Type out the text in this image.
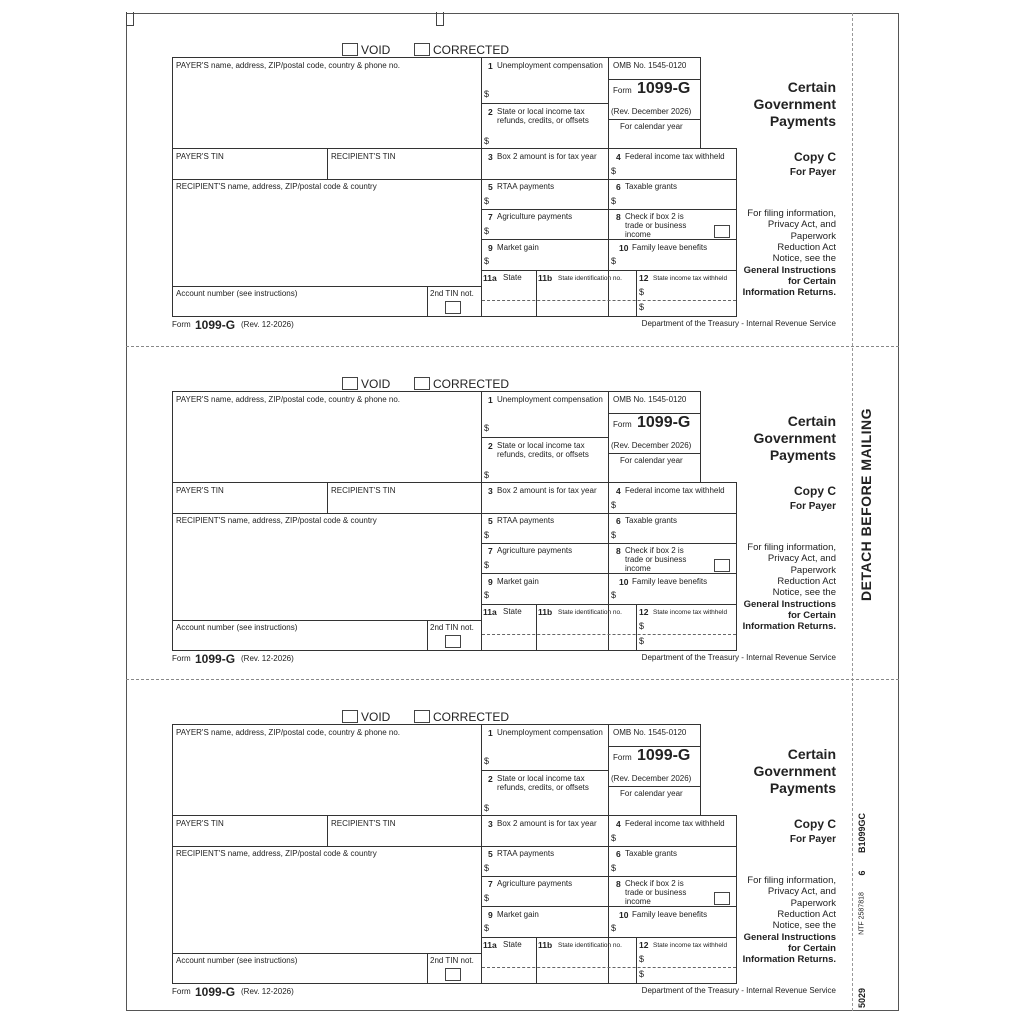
VOID	CORRECTED
PAYER'S name, address, ZIP/postal code, country & phone no.
PAYER'S TIN	RECIPIENT'S TIN
RECIPIENT'S name, address, ZIP/postal code & country
Account number (see instructions)	2nd TIN not.
1 Unemployment compensation
$
2 State or local income tax
refunds, credits, or offsets
$
OMB No. 1545-0120
Form 1099-G
(Rev. December 2026)
For calendar year
Certain
Government
Payments
3 Box 2 amount is for tax year 4 Federal income tax withheld
$
Copy C
For Payer
For filing information,
Privacy Act, and
Paperwork
Reduction Act
Notice, see the
General Instructions
for Certain
Information Returns.
5 RTAA payments
$
6 Taxable grants
$
7 Agriculture payments
$
8 Check if box 2 is
trade or business
income
9 Market gain
$
10 Family leave benefits
$
11a State 11b State identification no. 12 State income tax withheld
$
$
Form 1099-G (Rev. 12-2026)	Department of the Treasury - Internal Revenue Service
VOID	CORRECTED
PAYER'S name, address, ZIP/postal code, country & phone no.
PAYER'S TIN	RECIPIENT'S TIN
RECIPIENT'S name, address, ZIP/postal code & country
Account number (see instructions)	2nd TIN not.
1 Unemployment compensation
$
2 State or local income tax
refunds, credits, or offsets
$
OMB No. 1545-0120
Form 1099-G
(Rev. December 2026)
For calendar year
Certain
Government
Payments
3 Box 2 amount is for tax year 4 Federal income tax withheld
$
Copy C
For Payer
For filing information,
Privacy Act, and
Paperwork
Reduction Act
Notice, see the
General Instructions
for Certain
Information Returns.
5 RTAA payments
$
6 Taxable grants
$
7 Agriculture payments
$
8 Check if box 2 is
trade or business
income
9 Market gain
$
10 Family leave benefits
$
11a State 11b State identification no. 12 State income tax withheld
$
$
Form 1099-G (Rev. 12-2026)	Department of the Treasury - Internal Revenue Service
VOID	CORRECTED
PAYER'S name, address, ZIP/postal code, country & phone no.
PAYER'S TIN	RECIPIENT'S TIN
RECIPIENT'S name, address, ZIP/postal code & country
Account number (see instructions)	2nd TIN not.
1 Unemployment compensation
$
2 State or local income tax
refunds, credits, or offsets
$
OMB No. 1545-0120
Form 1099-G
(Rev. December 2026)
For calendar year
Certain
Government
Payments
3 Box 2 amount is for tax year 4 Federal income tax withheld
$
Copy C
For Payer
For filing information,
Privacy Act, and
Paperwork
Reduction Act
Notice, see the
General Instructions
for Certain
Information Returns.
5 RTAA payments
$
6 Taxable grants
$
7 Agriculture payments
$
8 Check if box 2 is
trade or business
income
9 Market gain
$
10 Family leave benefits
$
11a State 11b State identification no. 12 State income tax withheld
$
$
Form 1099-G (Rev. 12-2026)	Department of the Treasury - Internal Revenue Service
DETACH BEFORE MAILING
B1099GC
6
NTF 2587818
5029
